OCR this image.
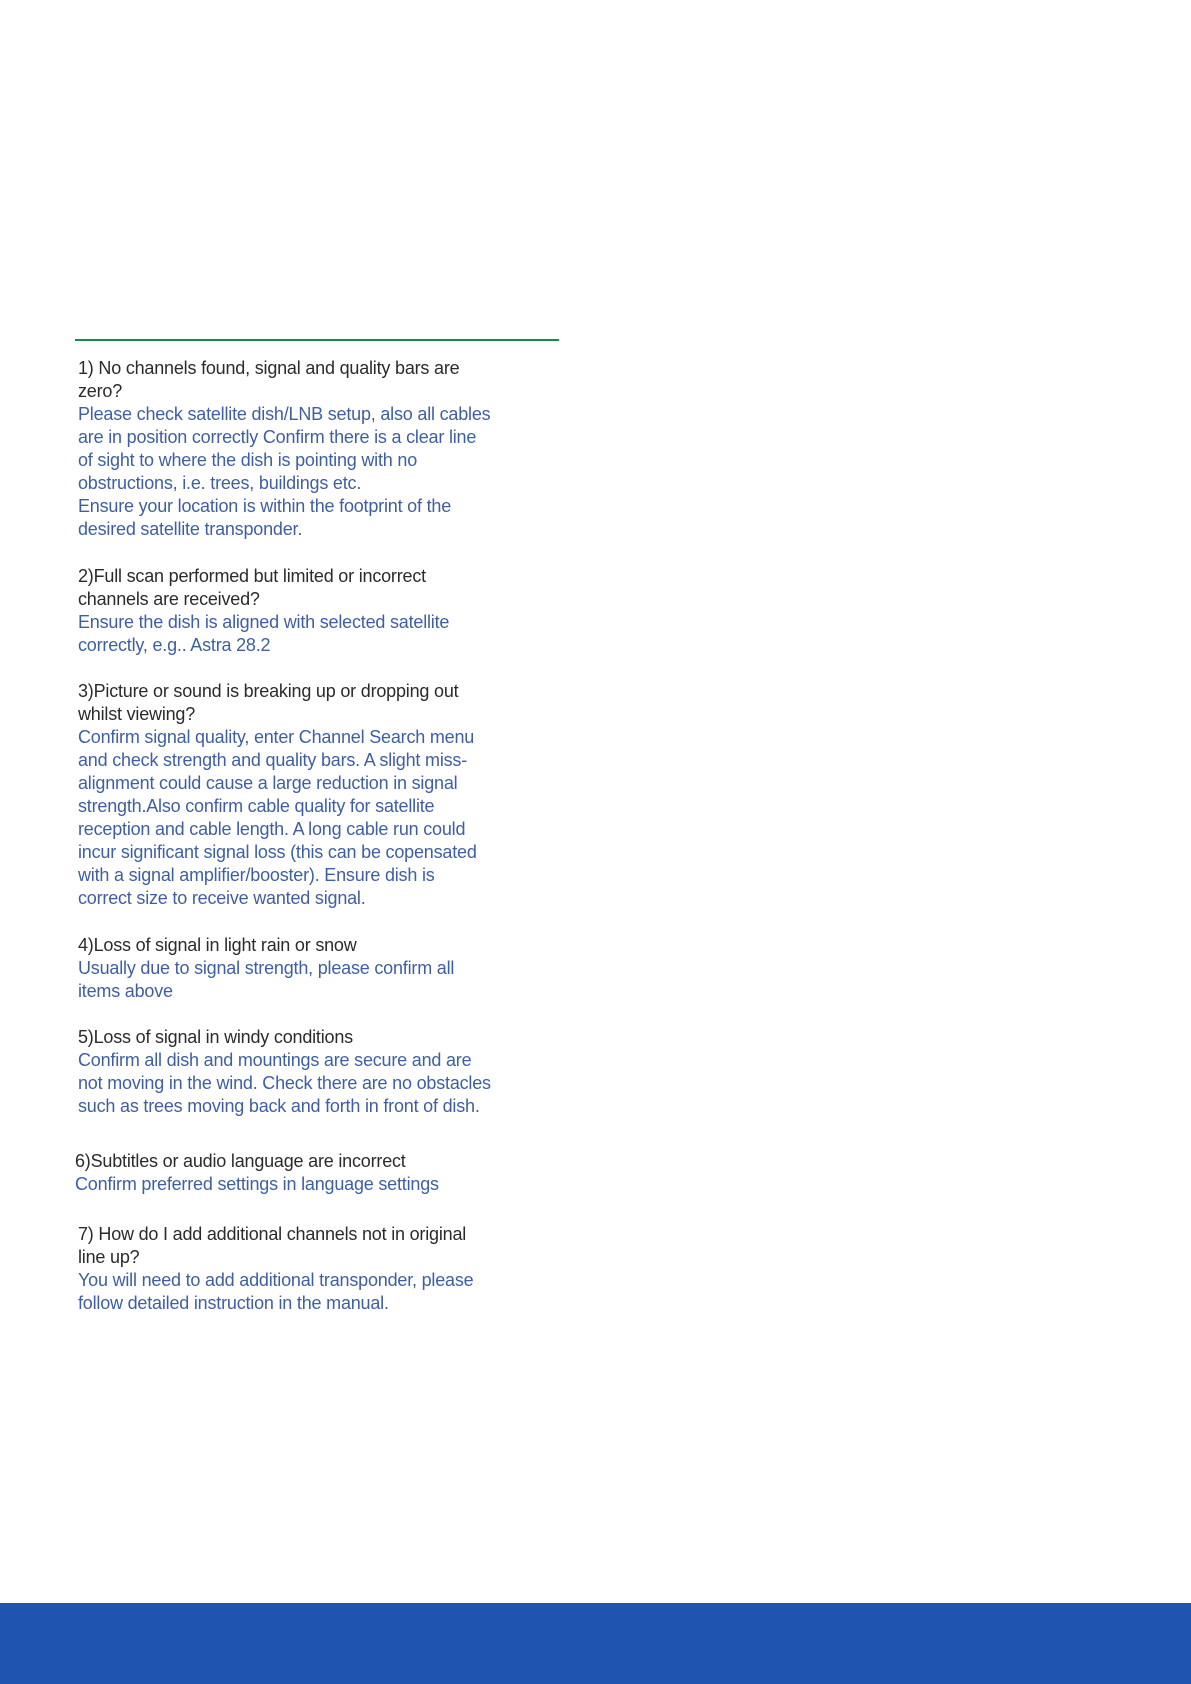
1) No channels found, signal and quality bars are
zero?

Please check satellite dish/LNB setup, also all cables
are in position correctly Confirm there is a clear line
of sight to where the dish is pointing with no
obstructions, i.e. trees, buildings etc.
Ensure your location is within the footprint of the
desired satellite transponder.

2)Full scan performed but limited or incorrect
channels are received?

Ensure the dish is aligned with selected satellite
correctly, e.g.. Astra 28.2

3)Picture or sound is breaking up or dropping out
whilst viewing?

Confirm signal quality, enter Channel Search menu
and check strength and quality bars. A slight miss-
alignment could cause a large reduction in signal
strength.Also confirm cable quality for satellite
reception and cable length. A long cable run could
incur significant signal loss (this can be copensated
with a signal amplifier/booster). Ensure dish is
correct size to receive wanted signal.

4)Loss of signal in light rain or snow

Usually due to signal strength, please confirm all
items above

5)Loss of signal in windy conditions

Confirm all dish and mountings are secure and are
not moving in the wind. Check there are no obstacles
such as trees moving back and forth in front of dish.

6)Subtitles or audio language are incorrect

Confirm preferred settings in language settings

7) How do I add additional channels not in original
line up?

You will need to add additional transponder, please
follow detailed instruction in the manual.
